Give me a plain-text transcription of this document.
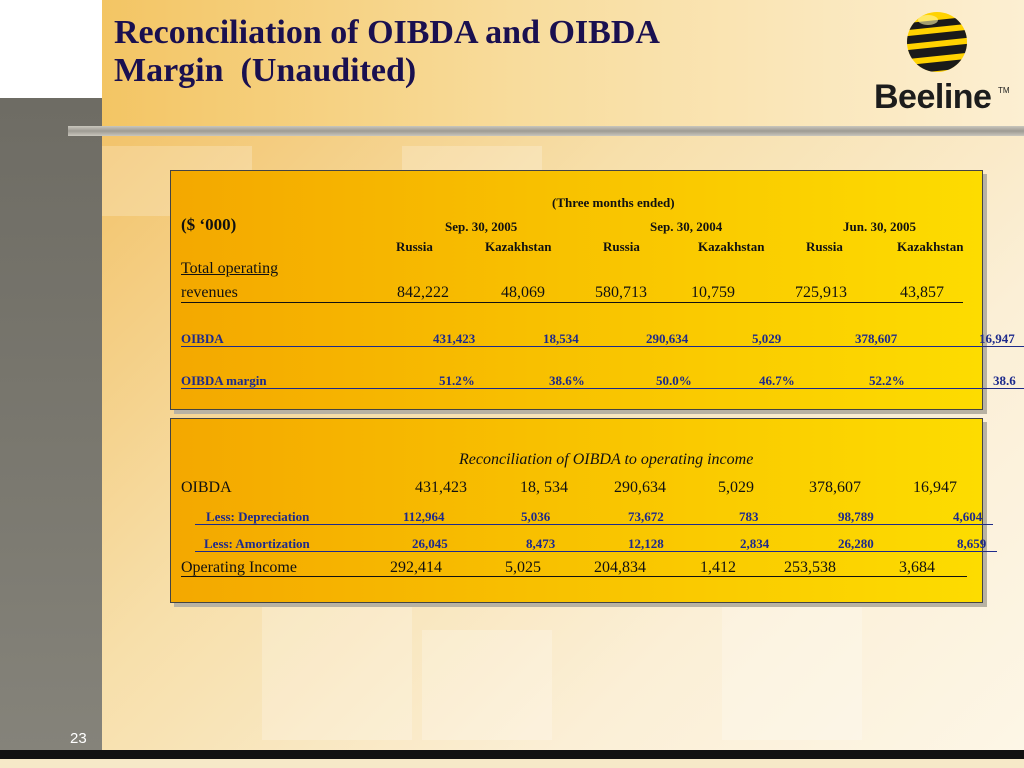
Reconciliation of OIBDA and OIBDA
Margin  (Unaudited)
Beeline TM
(Three months ended)
($ ‘000)	Sep. 30, 2005	Sep. 30, 2004	Jun. 30, 2005
Russia	Kazakhstan	Russia	Kazakhstan	Russia	Kazakhstan
Total operating
revenues	842,222	48,069	580,713	10,759	725,913	43,857
OIBDA	431,423	18,534	290,634	5,029	378,607	16,947
OIBDA margin	51.2%	38.6%	50.0%	46.7%	52.2%	38.6
Reconciliation of OIBDA to operating income
OIBDA	431,423	18, 534	290,634	5,029	378,607	16,947
Less: Depreciation	112,964	5,036	73,672	783	98,789	4,604
Less: Amortization	26,045	8,473	12,128	2,834	26,280	8,659
Operating Income	292,414	5,025	204,834	1,412	253,538	3,684
23
